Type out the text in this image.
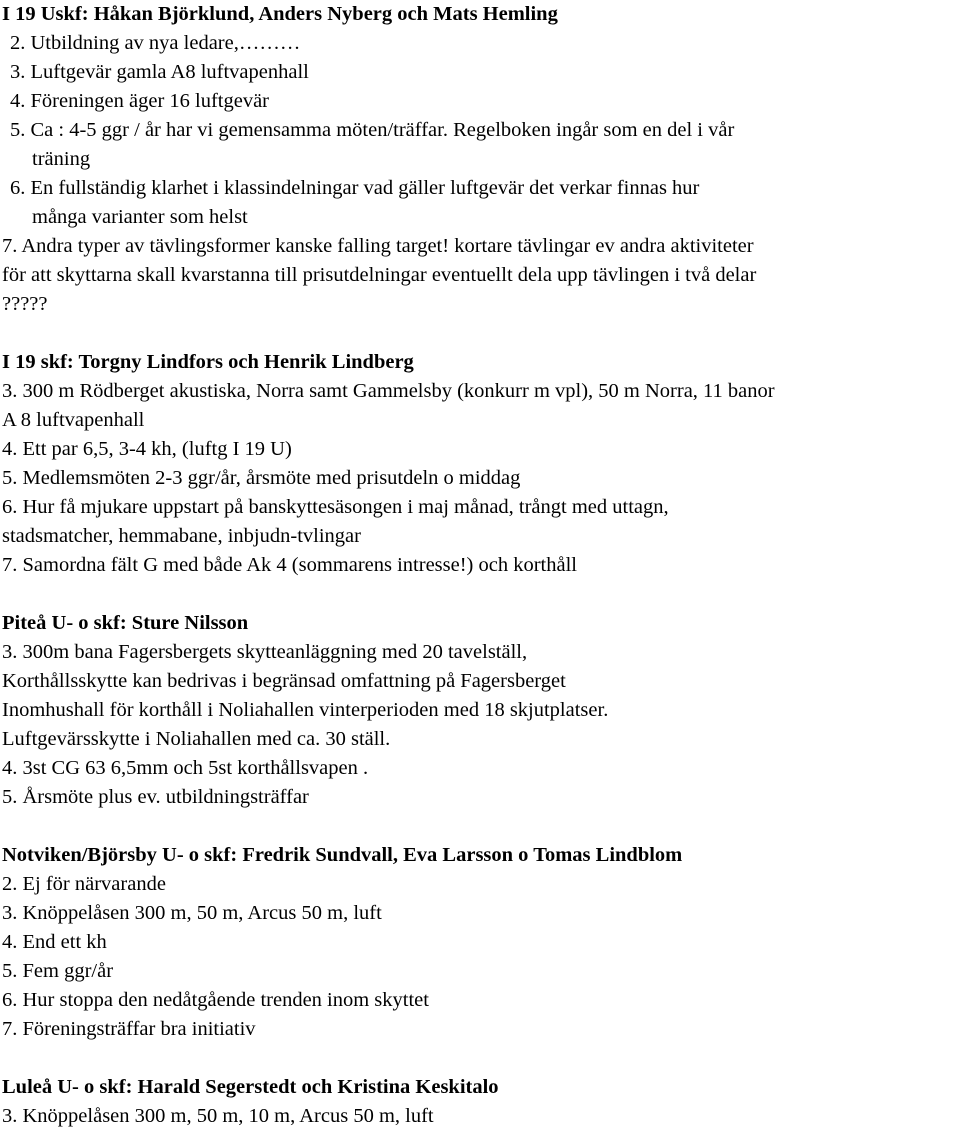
I 19 Uskf: Håkan Björklund, Anders Nyberg och Mats Hemling
2. Utbildning av nya ledare,………
3. Luftgevär gamla A8 luftvapenhall
4. Föreningen äger 16 luftgevär
5. Ca : 4-5 ggr / år har vi gemensamma möten/träffar. Regelboken ingår som en del i vår
träning
6. En fullständig klarhet i klassindelningar vad gäller luftgevär det verkar finnas hur
många varianter som helst
7. Andra typer av tävlingsformer kanske falling target! kortare tävlingar ev andra aktiviteter
för att skyttarna skall kvarstanna till prisutdelningar eventuellt dela upp tävlingen i två delar
?????
I 19 skf: Torgny Lindfors och Henrik Lindberg
3. 300 m Rödberget akustiska, Norra samt Gammelsby (konkurr m vpl), 50 m Norra, 11 banor
A 8 luftvapenhall
4. Ett par 6,5, 3-4 kh, (luftg I 19 U)
5. Medlemsmöten 2-3 ggr/år, årsmöte med prisutdeln o middag
6. Hur få mjukare uppstart på banskyttesäsongen i maj månad, trångt med uttagn,
stadsmatcher, hemmabane, inbjudn-tvlingar
7. Samordna fält G med både Ak 4 (sommarens intresse!) och korthåll
Piteå U- o skf: Sture Nilsson
3. 300m bana Fagersbergets skytteanläggning med 20 tavelställ,
Korthållsskytte kan bedrivas i begränsad omfattning på Fagersberget
Inomhushall för korthåll i Noliahallen vinterperioden med 18 skjutplatser.
Luftgevärsskytte i Noliahallen med ca. 30 ställ.
4. 3st CG 63 6,5mm och 5st korthållsvapen .
5. Årsmöte plus ev. utbildningsträffar
Notviken/Björsby U- o skf: Fredrik Sundvall, Eva Larsson o Tomas Lindblom
2. Ej för närvarande
3. Knöppelåsen 300 m, 50 m, Arcus 50 m, luft
4. End ett kh
5. Fem ggr/år
6. Hur stoppa den nedåtgående trenden inom skyttet
7. Föreningsträffar bra initiativ
Luleå U- o skf: Harald Segerstedt och Kristina Keskitalo
3. Knöppelåsen 300 m, 50 m, 10 m, Arcus 50 m, luft
